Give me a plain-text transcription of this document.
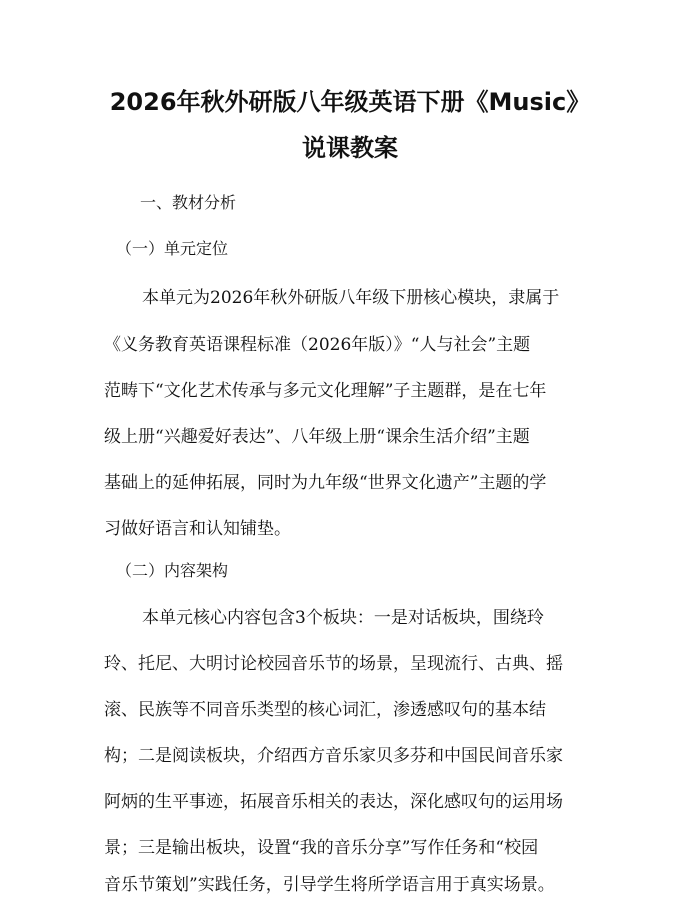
2026年秋外研版八年级英语下册《Music》
说课教案
一、教材分析
（一）单元定位
本单元为2026年秋外研版八年级下册核心模块，隶属于
《义务教育英语课程标准（2026年版）》“人与社会”主题
范畴下“文化艺术传承与多元文化理解”子主题群，是在七年
级上册“兴趣爱好表达”、八年级上册“课余生活介绍”主题
基础上的延伸拓展，同时为九年级“世界文化遗产”主题的学
习做好语言和认知铺垫。
（二）内容架构
本单元核心内容包含3个板块：一是对话板块，围绕玲
玲、托尼、大明讨论校园音乐节的场景，呈现流行、古典、摇
滚、民族等不同音乐类型的核心词汇，渗透感叹句的基本结
构；二是阅读板块，介绍西方音乐家贝多芬和中国民间音乐家
阿炳的生平事迹，拓展音乐相关的表达，深化感叹句的运用场
景；三是输出板块，设置“我的音乐分享”写作任务和“校园
音乐节策划”实践任务，引导学生将所学语言用于真实场景。
